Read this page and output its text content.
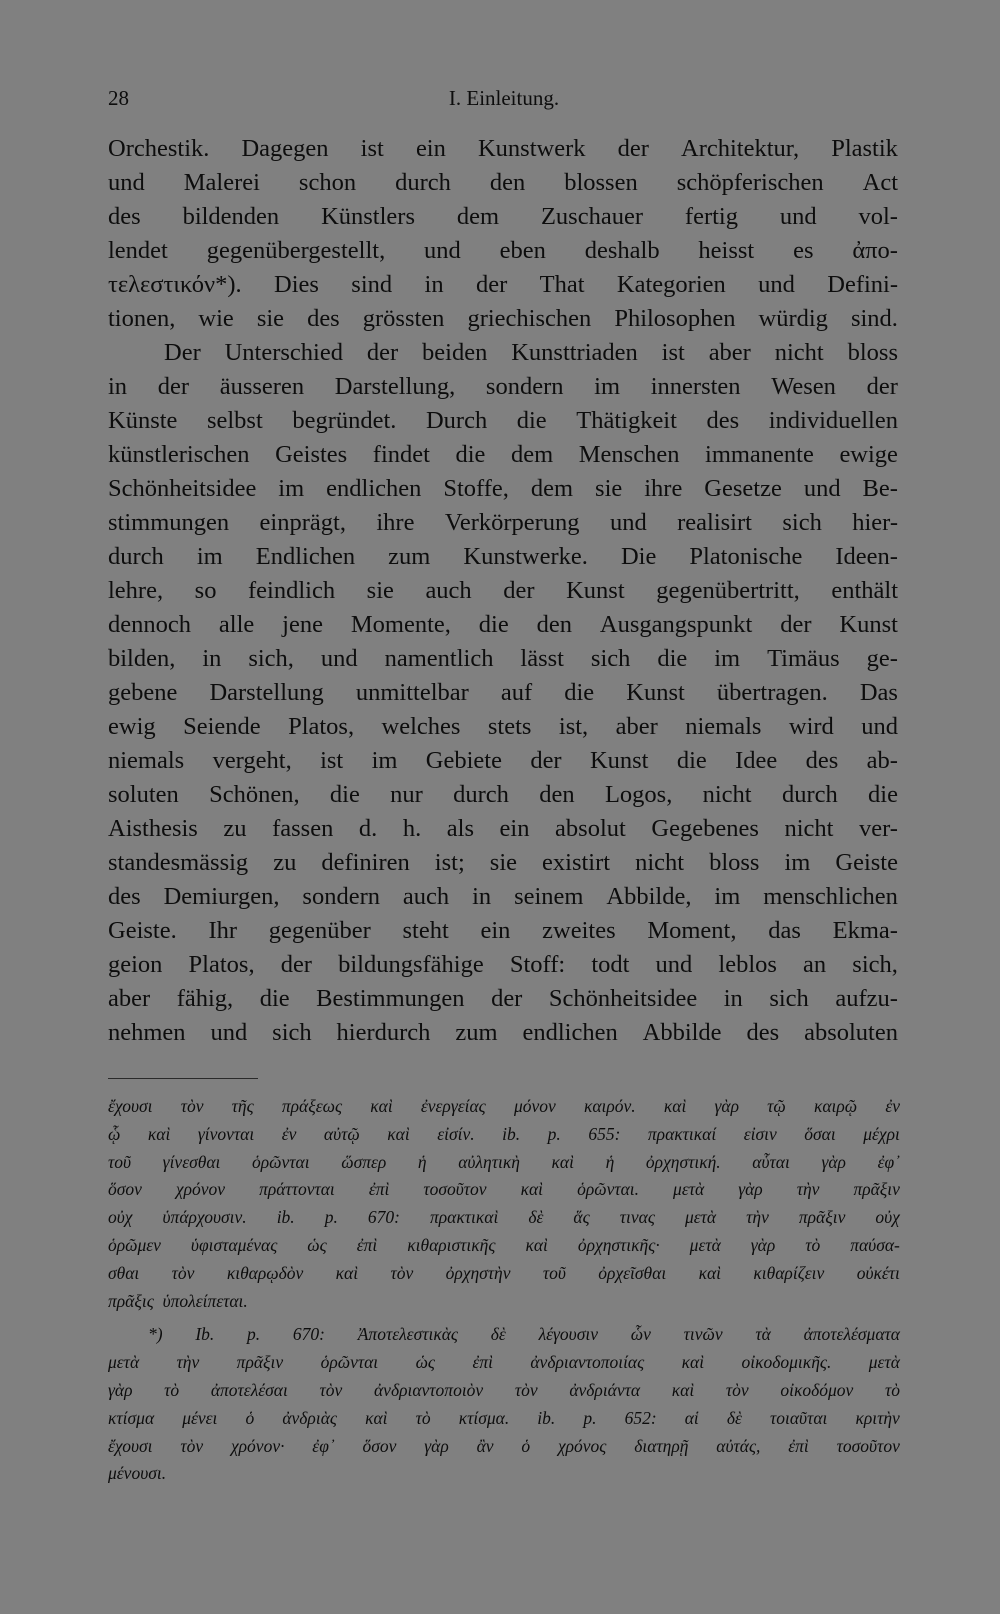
28	I. Einleitung.
Orchestik. Dagegen ist ein Kunstwerk der Architektur, Plastik
und Malerei schon durch den blossen schöpferischen Act
des bildenden Künstlers dem Zuschauer fertig und vol-
lendet gegenübergestellt, und eben deshalb heisst es ἀπο-
τελεστικόν*). Dies sind in der That Kategorien und Defini-
tionen, wie sie des grössten griechischen Philosophen würdig sind.
Der Unterschied der beiden Kunsttriaden ist aber nicht bloss
in der äusseren Darstellung, sondern im innersten Wesen der
Künste selbst begründet. Durch die Thätigkeit des individuellen
künstlerischen Geistes findet die dem Menschen immanente ewige
Schönheitsidee im endlichen Stoffe, dem sie ihre Gesetze und Be-
stimmungen einprägt, ihre Verkörperung und realisirt sich hier-
durch im Endlichen zum Kunstwerke. Die Platonische Ideen-
lehre, so feindlich sie auch der Kunst gegenübertritt, enthält
dennoch alle jene Momente, die den Ausgangspunkt der Kunst
bilden, in sich, und namentlich lässt sich die im Timäus ge-
gebene Darstellung unmittelbar auf die Kunst übertragen. Das
ewig Seiende Platos, welches stets ist, aber niemals wird und
niemals vergeht, ist im Gebiete der Kunst die Idee des ab-
soluten Schönen, die nur durch den Logos, nicht durch die
Aisthesis zu fassen d. h. als ein absolut Gegebenes nicht ver-
standesmässig zu definiren ist; sie existirt nicht bloss im Geiste
des Demiurgen, sondern auch in seinem Abbilde, im menschlichen
Geiste. Ihr gegenüber steht ein zweites Moment, das Ekma-
geion Platos, der bildungsfähige Stoff: todt und leblos an sich,
aber fähig, die Bestimmungen der Schönheitsidee in sich aufzu-
nehmen und sich hierdurch zum endlichen Abbilde des absoluten
ἔχουσι τὸν τῆς πράξεως καὶ ἐνεργείας μόνον καιρόν. καὶ γὰρ τῷ καιρῷ ἐν
ᾧ καὶ γίνονται ἐν αὐτῷ καὶ εἰσίν. ib. p. 655: πρακτικαί εἰσιν ὅσαι μέχρι
τοῦ γίνεσθαι ὁρῶνται ὥσπερ ἡ αὐλητικὴ καὶ ἡ ὀρχηστική. αὗται γὰρ ἐφ᾽
ὅσον χρόνον πράττονται ἐπὶ τοσοῦτον καὶ ὁρῶνται. μετὰ γὰρ τὴν πρᾶξιν
οὐχ ὑπάρχουσιν. ib. p. 670: πρακτικαὶ δὲ ἅς τινας μετὰ τὴν πρᾶξιν οὐχ
ὁρῶμεν ὑφισταμένας ὡς ἐπὶ κιθαριστικῆς καὶ ὀρχηστικῆς· μετὰ γὰρ τὸ παύσα-
σθαι τὸν κιθαρῳδὸν καὶ τὸν ὀρχηστὴν τοῦ ὀρχεῖσθαι καὶ κιθαρίζειν οὐκέτι
πρᾶξις ὑπολείπεται.
*) Ib. p. 670: Ἀποτελεστικὰς δὲ λέγουσιν ὧν τινῶν τὰ ἀποτελέσματα
μετὰ τὴν πρᾶξιν ὁρῶνται ὡς ἐπὶ ἀνδριαντοποιίας καὶ οἰκοδομικῆς. μετὰ
γὰρ τὸ ἀποτελέσαι τὸν ἀνδριαντοποιὸν τὸν ἀνδριάντα καὶ τὸν οἰκοδόμον τὸ
κτίσμα μένει ὁ ἀνδριὰς καὶ τὸ κτίσμα. ib. p. 652: αἱ δὲ τοιαῦται κριτὴν
ἔχουσι τὸν χρόνον· ἐφ᾽ ὅσον γὰρ ἂν ὁ χρόνος διατηρῇ αὐτάς, ἐπὶ τοσοῦτον
μένουσι.
